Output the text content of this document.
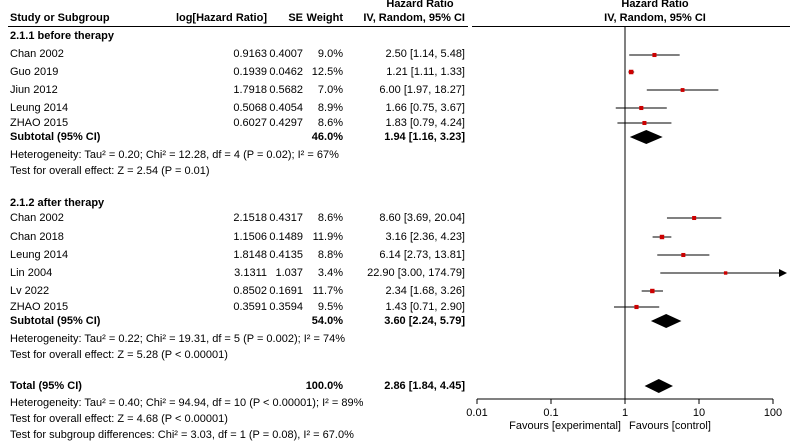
Hazard Ratio	Hazard Ratio
Study or Subgroup	log[Hazard Ratio]	SE Weight	IV, Random, 95% CI	IV, Random, 95% CI
2.1.1 before therapy
Chan 2002	0.9163 0.4007	9.0%	2.50 [1.14, 5.48]
Guo 2019	0.1939 0.0462 12.5%	1.21 [1.11, 1.33]
Jiun 2012	1.7918 0.5682	7.0%	6.00 [1.97, 18.27]
Leung 2014	0.5068 0.4054	8.9%	1.66 [0.75, 3.67]
ZHAO 2015	0.6027 0.4297	8.6%	1.83 [0.79, 4.24]
Subtotal (95% CI)	46.0%	1.94 [1.16, 3.23]
Heterogeneity: Tau² = 0.20; Chi² = 12.28, df = 4 (P = 0.02); I² = 67%
Test for overall effect: Z = 2.54 (P = 0.01)
2.1.2 after therapy
Chan 2002	2.1518 0.4317	8.6%	8.60 [3.69, 20.04]
Chan 2018	1.1506 0.1489 11.9%	3.16 [2.36, 4.23]
Leung 2014	1.8148 0.4135	8.8%	6.14 [2.73, 13.81]
Lin 2004	3.1311 1.037	3.4%	22.90 [3.00, 174.79]
Lv 2022	0.8502 0.1691 11.7%	2.34 [1.68, 3.26]
ZHAO 2015	0.3591 0.3594	9.5%	1.43 [0.71, 2.90]
Subtotal (95% CI)	54.0%	3.60 [2.24, 5.79]
Heterogeneity: Tau² = 0.22; Chi² = 19.31, df = 5 (P = 0.002); I² = 74%
Test for overall effect: Z = 5.28 (P < 0.00001)
Total (95% CI)	100.0%	2.86 [1.84, 4.45]
Heterogeneity: Tau² = 0.40; Chi² = 94.94, df = 10 (P < 0.00001); I² = 89%
Test for overall effect: Z = 4.68 (P < 0.00001)
Test for subgroup differences: Chi² = 3.03, df = 1 (P = 0.08), I² = 67.0%
0.01	0.1	1	10	100
Favours [experimental] Favours [control]
